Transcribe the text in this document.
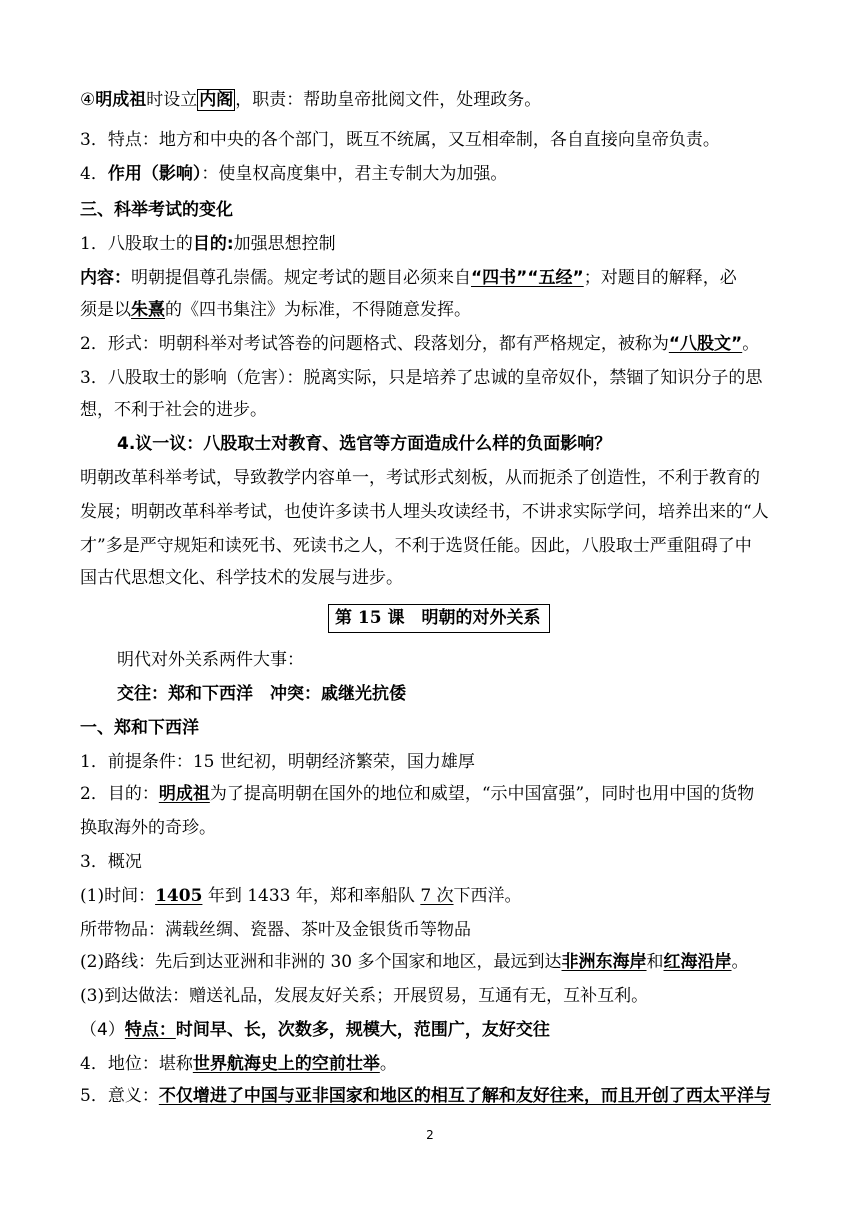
④明成祖时设立 内阁 ，职责：帮助皇帝批阅文件，处理政务。
3．特点：地方和中央的各个部门，既互不统属，又互相牵制，各自直接向皇帝负责。
4．作用（影响）：使皇权高度集中，君主专制大为加强。
三、科举考试的变化
1．八股取士的目的:加强思想控制
内容：明朝提倡尊孔崇儒。规定考试的题目必须来自“四书”“五经”；对题目的解释，必
须是以朱熹的《四书集注》为标准，不得随意发挥。
2．形式：明朝科举对考试答卷的问题格式、段落划分，都有严格规定，被称为“八股文”。
3．八股取士的影响（危害）：脱离实际，只是培养了忠诚的皇帝奴仆，禁锢了知识分子的思
想，不利于社会的进步。
4.议一议：八股取士对教育、选官等方面造成什么样的负面影响？
明朝改革科举考试，导致教学内容单一，考试形式刻板，从而扼杀了创造性，不利于教育的
发展；明朝改革科举考试，也使许多读书人埋头攻读经书，不讲求实际学问，培养出来的“人
才”多是严守规矩和读死书、死读书之人，不利于选贤任能。因此，八股取士严重阻碍了中
国古代思想文化、科学技术的发展与进步。
第 15 课　明朝的对外关系
明代对外关系两件大事：
交往：郑和下西洋　冲突：戚继光抗倭
一、郑和下西洋
1．前提条件：15 世纪初，明朝经济繁荣，国力雄厚
2．目的：明成祖为了提高明朝在国外的地位和威望，“示中国富强”，同时也用中国的货物
换取海外的奇珍。
3．概况
(1)时间：1405 年到 1433 年，郑和率船队 7 次下西洋。
所带物品：满载丝绸、瓷器、茶叶及金银货币等物品
(2)路线：先后到达亚洲和非洲的 30 多个国家和地区，最远到达非洲东海岸和红海沿岸。
(3)到达做法：赠送礼品，发展友好关系；开展贸易，互通有无，互补互利。
（4）特点：时间早、长，次数多，规模大，范围广，友好交往
4．地位：堪称世界航海史上的空前壮举。
5．意义：不仅增进了中国与亚非国家和地区的相互了解和友好往来，而且开创了西太平洋与
2
